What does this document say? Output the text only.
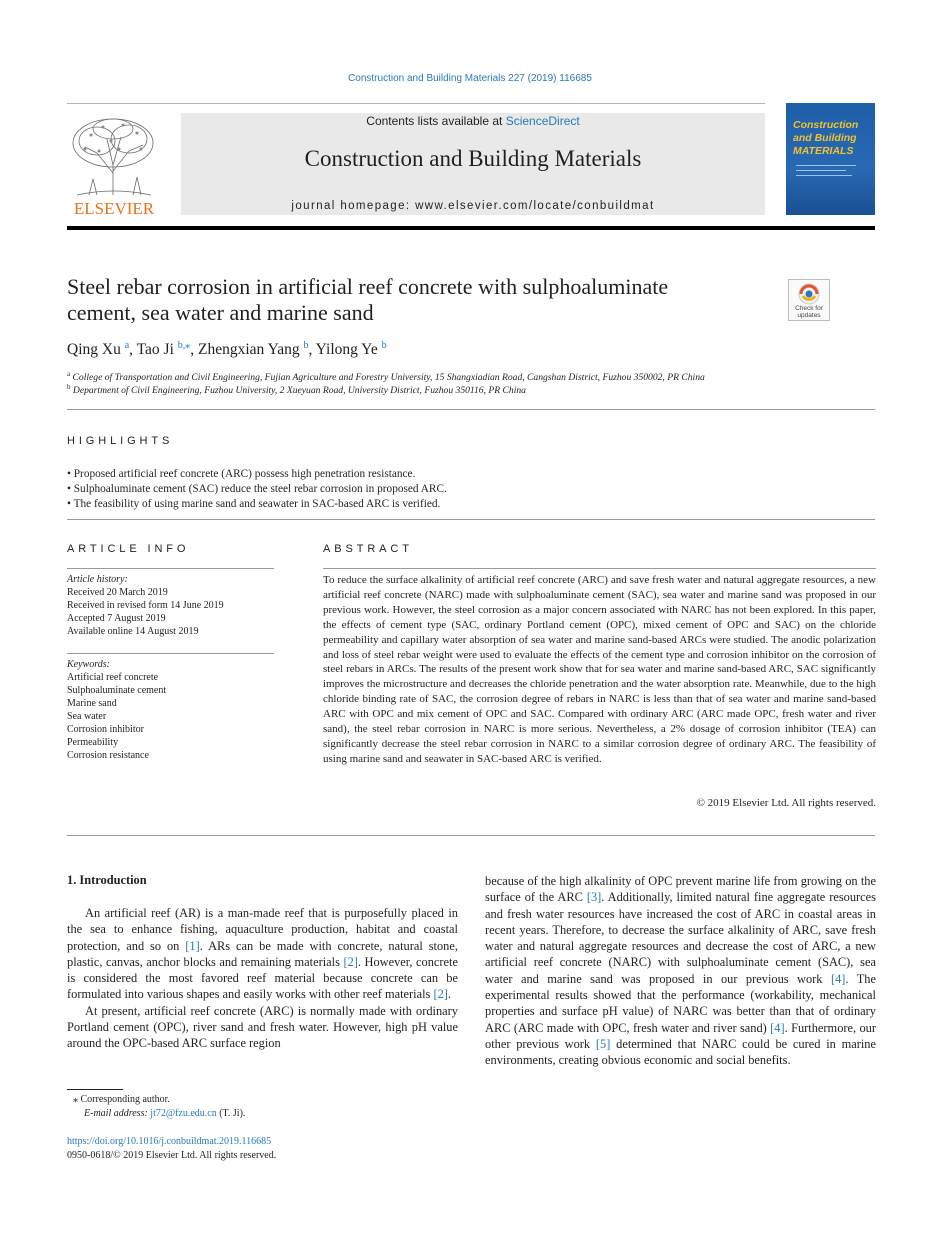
Construction and Building Materials 227 (2019) 116685
ELSEVIER
Contents lists available at ScienceDirect
Construction and Building Materials
journal homepage: www.elsevier.com/locate/conbuildmat
Construction
and Building
MATERIALS
Steel rebar corrosion in artificial reef concrete with sulphoaluminate
cement, sea water and marine sand	Check for
updates
Qing Xu $^a$, Tao Ji $^{b,⁎}$, Zhengxian Yang $^b$, Yilong Ye $^b$
$^a$ College of Transportation and Civil Engineering, Fujian Agriculture and Forestry University, 15 Shangxiadian Road, Cangshan District, Fuzhou 350002, PR China
$^b$ Department of Civil Engineering, Fuzhou University, 2 Xueyuan Road, University District, Fuzhou 350116, PR China
HIGHLIGHTS
• Proposed artificial reef concrete (ARC) possess high penetration resistance.
• Sulphoaluminate cement (SAC) reduce the steel rebar corrosion in proposed ARC.
• The feasibility of using marine sand and seawater in SAC-based ARC is verified.
ARTICLE INFO
Article history:
Received 20 March 2019
Received in revised form 14 June 2019
Accepted 7 August 2019
Available online 14 August 2019
Keywords:
Artificial reef concrete
Sulphoaluminate cement
Marine sand
Sea water
Corrosion inhibitor
Permeability
Corrosion resistance
ABSTRACT
To reduce the surface alkalinity of artificial reef concrete (ARC) and save fresh water and natural aggregate resources, a new artificial reef concrete (NARC) made with sulphoaluminate cement (SAC), sea water and marine sand was proposed in our previous work. However, the steel corrosion as a major concern associated with NARC has not been explored. In this paper, the effects of cement type (SAC, ordinary Portland cement (OPC), mixed cement of OPC and SAC) on the chloride permeability and capillary water absorption of sea water and marine sand-based ARCs were studied. The anodic polarization and loss of steel rebar weight were used to evaluate the effects of the cement type and corrosion inhibitor on the corrosion of steel rebars in ARCs. The results of the present work show that for sea water and marine sand-based ARC, SAC significantly improves the microstructure and decreases the chloride penetration and the water absorption rate. Meanwhile, due to the high chloride binding rate of SAC, the corrosion degree of rebars in NARC is less than that of sea water and marine sand-based ARC with OPC and mix cement of OPC and SAC. Compared with ordinary ARC (ARC made OPC, fresh water and river sand), the steel rebar corrosion in NARC is more serious. Nevertheless, a 2% dosage of corrosion inhibitor (TEA) can significantly decrease the steel rebar corrosion in NARC to a similar corrosion degree of ordinary ARC. The feasibility of using marine sand and seawater in SAC-based ARC is verified.
© 2019 Elsevier Ltd. All rights reserved.
1. Introduction

An artificial reef (AR) is a man-made reef that is purposefully placed in the sea to enhance fishing, aquaculture production, habitat and coastal protection, and so on [1]. ARs can be made with concrete, natural stone, plastic, canvas, anchor blocks and remaining materials [2]. However, concrete is considered the most favored reef material because concrete can be formulated into various shapes and easily works with other reef materials [2].

At present, artificial reef concrete (ARC) is normally made with ordinary Portland cement (OPC), river sand and fresh water. However, high pH value around the OPC-based ARC surface region

because of the high alkalinity of OPC prevent marine life from growing on the surface of the ARC [3]. Additionally, limited natural fine aggregate resources and fresh water resources have increased the cost of ARC in coastal areas in recent years. Therefore, to decrease the surface alkalinity of ARC, save fresh water and natural aggregate resources and decrease the cost of ARC, a new artificial reef concrete (NARC) with sulphoaluminate cement (SAC), sea water and marine sand was proposed in our previous work [4]. The experimental results showed that the performance (workability, mechanical properties and surface pH value) of NARC was better than that of ordinary ARC (ARC made with OPC, fresh water and river sand) [4]. Furthermore, our other previous work [5] determined that NARC could be cured in marine environments, creating obvious economic and social benefits.

⁎ Corresponding author.
E-mail address: jt72@fzu.edu.cn (T. Ji).
https://doi.org/10.1016/j.conbuildmat.2019.116685
0950-0618/© 2019 Elsevier Ltd. All rights reserved.
